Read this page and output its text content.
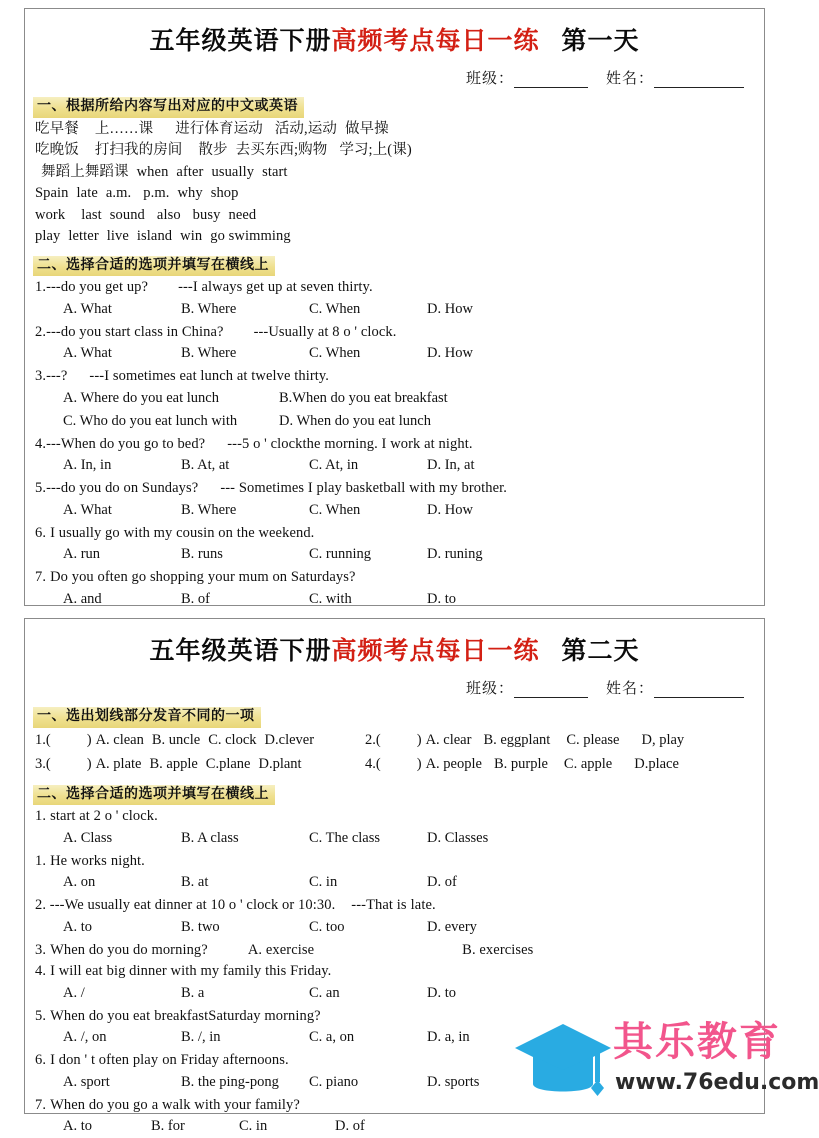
五年级英语下册高频考点每日一练 第一天
班级：	姓名：
一、根据所给内容写出对应的中文或英语
吃早餐 上……课 进行体育运动 活动,运动 做早操
吃晚饭 打扫我的房间 散步 去买东西;购物 学习;上(课)
舞蹈上舞蹈课 when after usually start
Spain late a.m. p.m. why shop
work last sound also busy need
play letter live island win go swimming
二、选择合适的选项并填写在横线上
1.---do you get up? ---I always get up at seven thirty.
A. What	B. Where	C. When	D. How
2.---do you start class in China? ---Usually at 8 o ' clock.
A. What	B. Where	C. When	D. How
3.---? ---I sometimes eat lunch at twelve thirty.
A. Where do you eat lunch	B.When do you eat breakfast
C. Who do you eat lunch with	D. When do you eat lunch
4.---When do you go to bed? ---5 o ' clockthe morning. I work at night.
A. In, in	B. At, at	C. At, in	D. In, at
5.---do you do on Sundays? --- Sometimes I play basketball with my brother.
A. What	B. Where	C. When	D. How
6. I usually go with my cousin on the weekend.
A. run	B. runs	C. running	D. runing
7. Do you often go shopping your mum on Saturdays?
A. and	B. of	C. with	D. to
五年级英语下册高频考点每日一练 第二天
班级：	姓名：
一、选出划线部分发音不同的一项
1.( ) A. clean B. uncle C. clock D.clever	2.( ) A. clear B. eggplant C. please D, play
3.( ) A. plate B. apple C.plane D.plant	4.( ) A. people B. purple C. apple D.place
二、选择合适的选项并填写在横线上
1. start at 2 o ' clock.
A. Class	B. A class	C. The class	D. Classes
1. He works night.
A. on	B. at	C. in	D. of
2. ---We usually eat dinner at 10 o ' clock or 10:30. ---That is late.
A. to	B. two	C. too	D. every
3. When do you do morning?	A. exercise	B. exercises
4. I will eat big dinner with my family this Friday.
A. /	B. a	C. an	D. to
5. When do you eat breakfastSaturday morning?
A. /, on	B. /, in	C. a, on	D. a, in
6. I don ' t often play on Friday afternoons.
A. sport	B. the ping-pong	C. piano	D. sports
7. When do you go a walk with your family?
A. to	B. for	C. in	D. of
其乐教育
www.76edu.com
